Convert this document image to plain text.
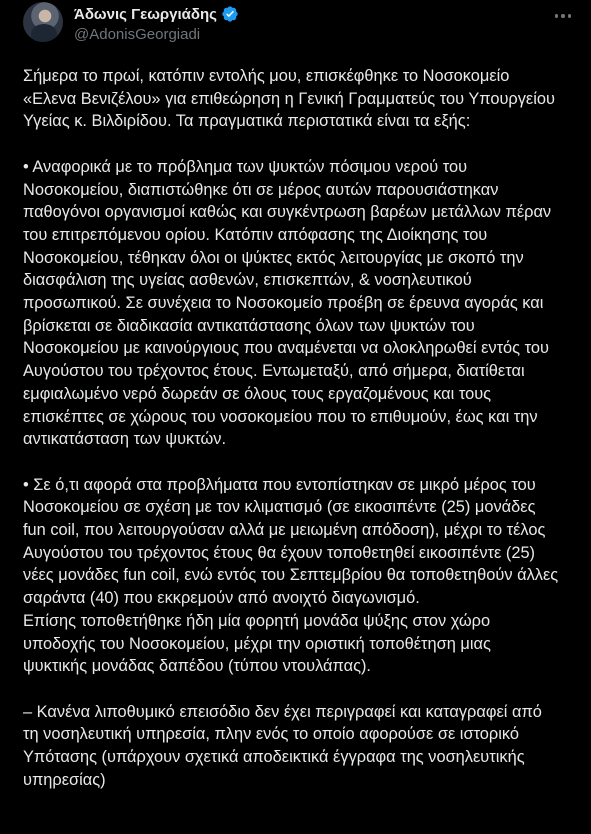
Άδωνις Γεωργιάδης
@AdonisGeorgiadi

Σήμερα το πρωί, κατόπιν εντολής μου, επισκέφθηκε το Νοσοκομείο
«Ελενα Βενιζέλου» για επιθεώρηση η Γενική Γραμματεύς του Υπουργείου
Υγείας κ. Βιλδιρίδου. Τα πραγματικά περιστατικά είναι τα εξής:

• Αναφορικά με το πρόβλημα των ψυκτών πόσιμου νερού του
Νοσοκομείου, διαπιστώθηκε ότι σε μέρος αυτών παρουσιάστηκαν
παθογόνοι οργανισμοί καθώς και συγκέντρωση βαρέων μετάλλων πέραν
του επιτρεπόμενου ορίου. Κατόπιν απόφασης της Διοίκησης του
Νοσοκομείου, τέθηκαν όλοι οι ψύκτες εκτός λειτουργίας με σκοπό την
διασφάλιση της υγείας ασθενών, επισκεπτών, & νοσηλευτικού
προσωπικού. Σε συνέχεια το Νοσοκομείο προέβη σε έρευνα αγοράς και
βρίσκεται σε διαδικασία αντικατάστασης όλων των ψυκτών του
Νοσοκομείου με καινούργιους που αναμένεται να ολοκληρωθεί εντός του
Αυγούστου του τρέχοντος έτους. Εντωμεταξύ, από σήμερα, διατίθεται
εμφιαλωμένο νερό δωρεάν σε όλους τους εργαζομένους και τους
επισκέπτες σε χώρους του νοσοκομείου που το επιθυμούν, έως και την
αντικατάσταση των ψυκτών.

• Σε ό,τι αφορά στα προβλήματα που εντοπίστηκαν σε μικρό μέρος του
Νοσοκομείου σε σχέση με τον κλιματισμό (σε εικοσιπέντε (25) μονάδες
fun coil, που λειτουργούσαν αλλά με μειωμένη απόδοση), μέχρι το τέλος
Αυγούστου του τρέχοντος έτους θα έχουν τοποθετηθεί εικοσιπέντε (25)
νέες μονάδες fun coil, ενώ εντός του Σεπτεμβρίου θα τοποθετηθούν άλλες
σαράντα (40) που εκκρεμούν από ανοιχτό διαγωνισμό.
Επίσης τοποθετήθηκε ήδη μία φορητή μονάδα ψύξης στον χώρο
υποδοχής του Νοσοκομείου, μέχρι την οριστική τοποθέτηση μιας
ψυκτικής μονάδας δαπέδου (τύπου ντουλάπας).

– Κανένα λιποθυμικό επεισόδιο δεν έχει περιγραφεί και καταγραφεί από
τη νοσηλευτική υπηρεσία, πλην ενός το οποίο αφορούσε σε ιστορικό
Υπότασης (υπάρχουν σχετικά αποδεικτικά έγγραφα της νοσηλευτικής
υπηρεσίας)
